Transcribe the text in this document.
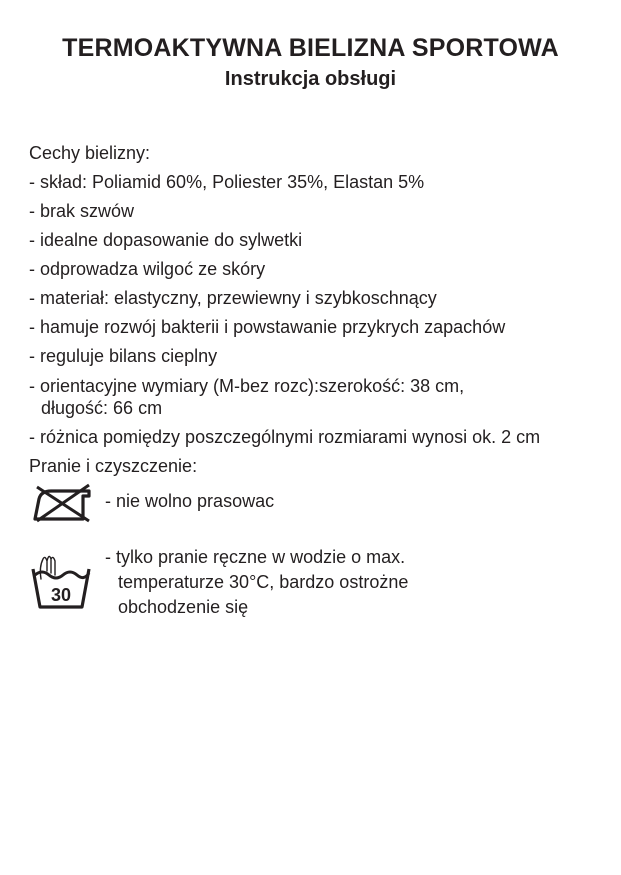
TERMOAKTYWNA BIELIZNA SPORTOWA
Instrukcja obsługi

Cechy bielizny:

- skład: Poliamid 60%, Poliester 35%, Elastan 5%

- brak szwów

- idealne dopasowanie do sylwetki

- odprowadza wilgoć ze skóry

- materiał: elastyczny, przewiewny i szybkoschnący

- hamuje rozwój bakterii i powstawanie przykrych zapachów

- reguluje bilans cieplny

- orientacyjne wymiary (M-bez rozc):szerokość: 38 cm,
długość: 66 cm

- różnica pomiędzy poszczególnymi rozmiarami wynosi ok. 2 cm

Pranie i czyszczenie:

- nie wolno prasowac
30
- tylko pranie ręczne w wodzie o max.
temperaturze 30°C, bardzo ostrożne
obchodzenie się
